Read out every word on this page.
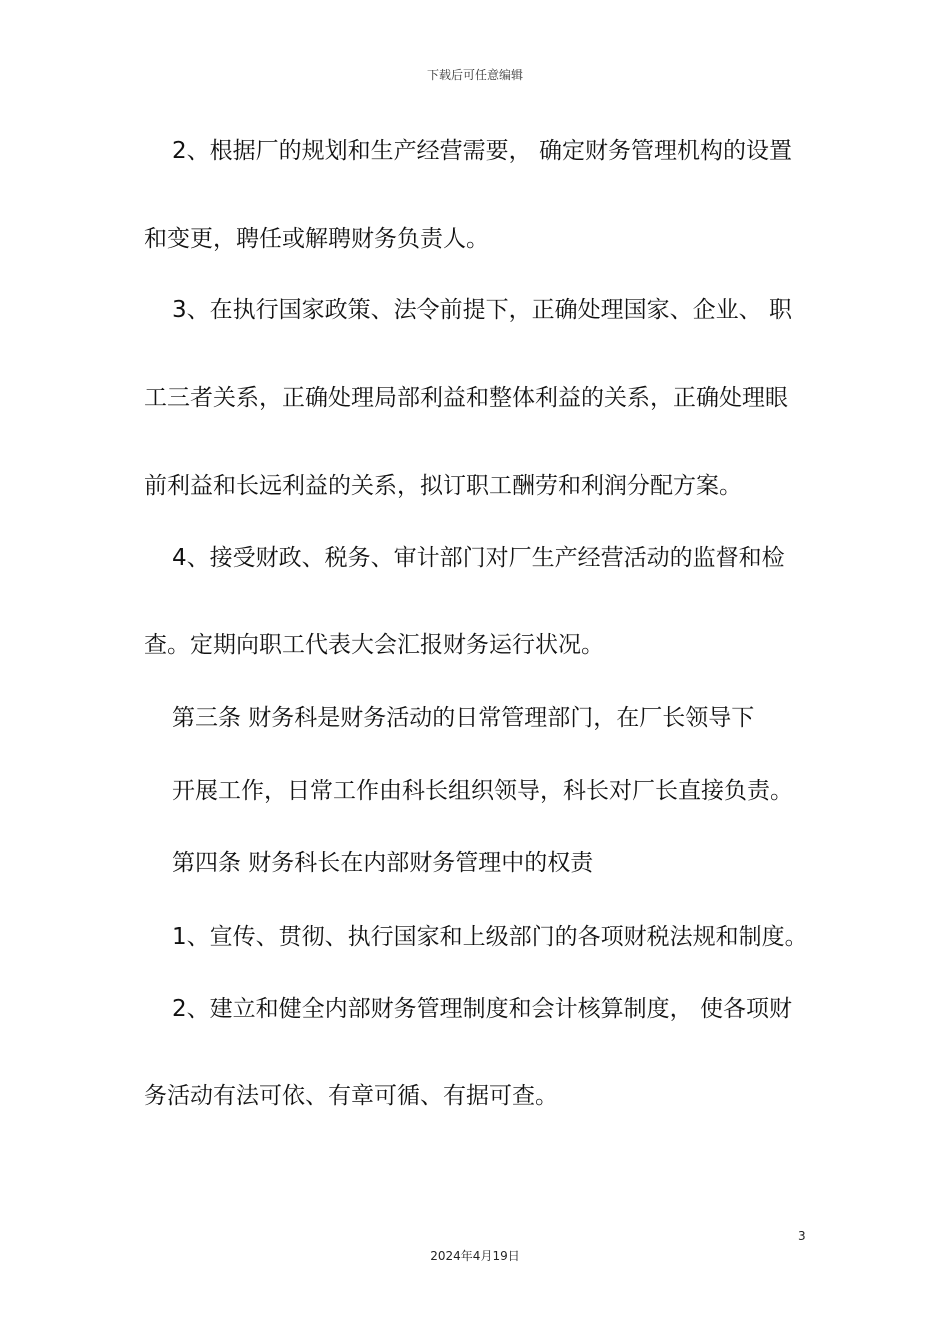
下载后可任意编辑
2、根据厂的规划和生产经营需要， 确定财务管理机构的设置
和变更，聘任或解聘财务负责人。
3、在执行国家政策、法令前提下，正确处理国家、企业、 职
工三者关系，正确处理局部利益和整体利益的关系，正确处理眼
前利益和长远利益的关系，拟订职工酬劳和利润分配方案。
4、接受财政、税务、审计部门对厂生产经营活动的监督和检
查。定期向职工代表大会汇报财务运行状况。
第三条 财务科是财务活动的日常管理部门，在厂长领导下
开展工作，日常工作由科长组织领导，科长对厂长直接负责。
第四条 财务科长在内部财务管理中的权责
1、宣传、贯彻、执行国家和上级部门的各项财税法规和制度。
2、建立和健全内部财务管理制度和会计核算制度， 使各项财
务活动有法可依、有章可循、有据可查。
3
2024年4月19日
